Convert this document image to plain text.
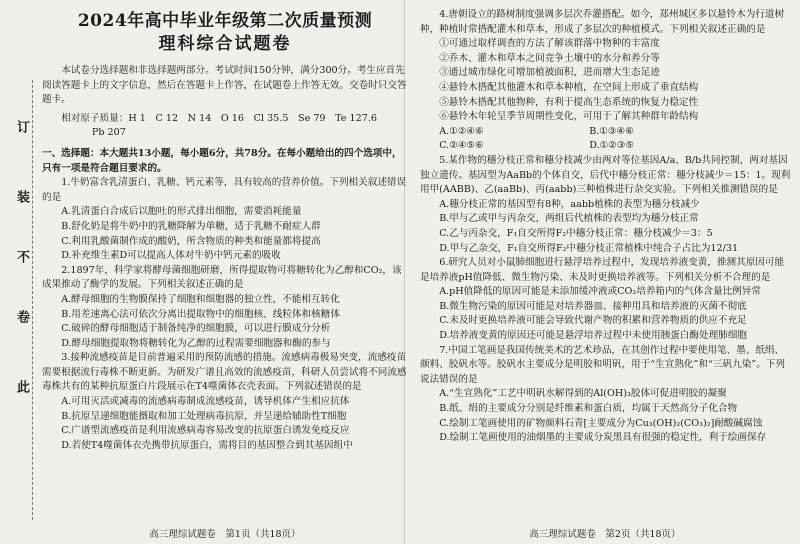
此
卷
不
装
订
2024年高中毕业年级第二次质量预测
理科综合试题卷

本试卷分选择题和非选择题两部分。考试时间150分钟，满分300分。考生应首先阅读答题卡上的文字信息，然后在答题卡上作答，在试题卷上作答无效。交卷时只交答题卡。

相对原子质量：H 1　C 12　N 14　O 16　Cl 35.5　Se 79　Te 127.6

Pb 207

一、选择题：本大题共13小题，每小题6分，共78分。在每小题给出的四个选项中，只有一项是符合题目要求的。

1.牛奶富含乳清蛋白、乳糖、钙元素等，具有较高的营养价值。下列相关叙述错误的是

A.乳清蛋白合成后以胞吐的形式排出细胞，需要消耗能量

B.舒化奶是将牛奶中的乳糖降解为单糖，适于乳糖不耐症人群

C.利用乳酸菌制作成的酸奶，所含物质的种类和能量都将提高

D.补充维生素D可以提高人体对牛奶中钙元素的吸收

2.1897年，科学家将酵母菌细胞研磨，所得提取物可将糖转化为乙醇和CO₂，该成果推动了酶学的发展。下列相关叙述正确的是

A.酵母细胞的生物膜保持了细胞和细胞器的独立性，不能相互转化

B.用差速离心法可依次分离出提取物中的细胞核、线粒体和核糖体

C.破碎的酵母细胞适于制备纯净的细胞膜，可以进行膜成分分析

D.酵母细胞提取物将糖转化为乙醇的过程需要细胞器和酶的参与

3.接种流感疫苗是目前普遍采用的预防流感的措施。流感病毒极易突变，流感疫苗需要根据流行毒株不断更新。为研发广谱且高效的流感疫苗，科研人员尝试将不同流感毒株共有的某种抗原蛋白片段展示在T4噬菌体衣壳表面。下列叙述错误的是

A.可用灭活或减毒的流感病毒制成流感疫苗，诱导机体产生相应抗体

B.抗原呈递细胞能摄取和加工处理病毒抗原，并呈递给辅助性T细胞

C.广谱型流感疫苗是利用流感病毒容易改变的抗原蛋白诱发免疫反应

D.若使T4噬菌体衣壳携带抗原蛋白，需将目的基因整合到其基因组中

4.唐朝设立的路树制度强调多层次乔灌搭配。如今，郑州城区多以悬铃木为行道树种，种植时常搭配灌木和草本，形成了多层次的种植模式。下列相关叙述正确的是

①可通过取样调查的方法了解该群落中物种的丰富度

②乔木、灌木和草本之间竞争土壤中的水分和养分等

③通过城市绿化可增加植被面积，进而增大生态足迹

④悬铃木搭配其他灌木和草本种植，在空间上形成了垂直结构

⑤悬铃木搭配其他物种，有利于提高生态系统的恢复力稳定性

⑥悬铃木年轮呈季节周期性变化，可用于了解其种群年龄结构

A.①②④⑥	B.①③④⑥
C.②④⑤⑥	D.①②③⑤

5.某作物的穗分枝正常和穗分枝减少由两对等位基因A/a、B/b共同控制，两对基因独立遗传。基因型为AaBb的个体自交，后代中穗分枝正常：穗分枝减少＝15：1。现利用甲(AABB)、乙(aaBb)、丙(aabb)三种植株进行杂交实验。下列相关推测错误的是

A.穗分枝正常的基因型有8种，aabb植株的表型为穗分枝减少

B.甲与乙或甲与丙杂交，两组后代植株的表型均为穗分枝正常

C.乙与丙杂交，F₁自交所得F₂中穗分枝正常：穗分枝减少＝3：5

D.甲与乙杂交，F₁自交所得F₂中穗分枝正常植株中纯合子占比为12/31

6.研究人员对小鼠肺细胞进行悬浮培养过程中，发现培养液变黄，推测其原因可能是培养液pH值降低、微生物污染、未及时更换培养液等。下列相关分析不合理的是

A.pH值降低的原因可能是未添加缓冲液或CO₂培养箱内的气体含量比例异常

B.微生物污染的原因可能是对培养器皿、接种用具和培养液的灭菌不彻底

C.未及时更换培养液可能会导致代谢产物的积累和营养物质的供应不充足

D.培养液变黄的原因还可能是悬浮培养过程中未使用胰蛋白酶处理肺细胞

7.中国工笔画是我国传统美术的艺术珍品，在其创作过程中要使用笔、墨、纸绢、颜料、胶矾水等。胶矾水主要成分是明胶和明矾，用于“生宣熟化”和“三矾九染”。下列说法错误的是

A.“生宣熟化”工艺中明矾水解得到的Al(OH)₃胶体可促进明胶的凝聚

B.纸、绢的主要成分分别是纤维素和蛋白质，均属于天然高分子化合物

C.绘制工笔画使用的矿物颜料石青[主要成分为Cu₃(OH)₂(CO₃)₂]耐酸碱腐蚀

D.绘制工笔画使用的油烟墨的主要成分炭黑具有很强的稳定性，利于绘画保存

高三理综试题卷　第1页（共18页）	高三理综试题卷　第2页（共18页）
